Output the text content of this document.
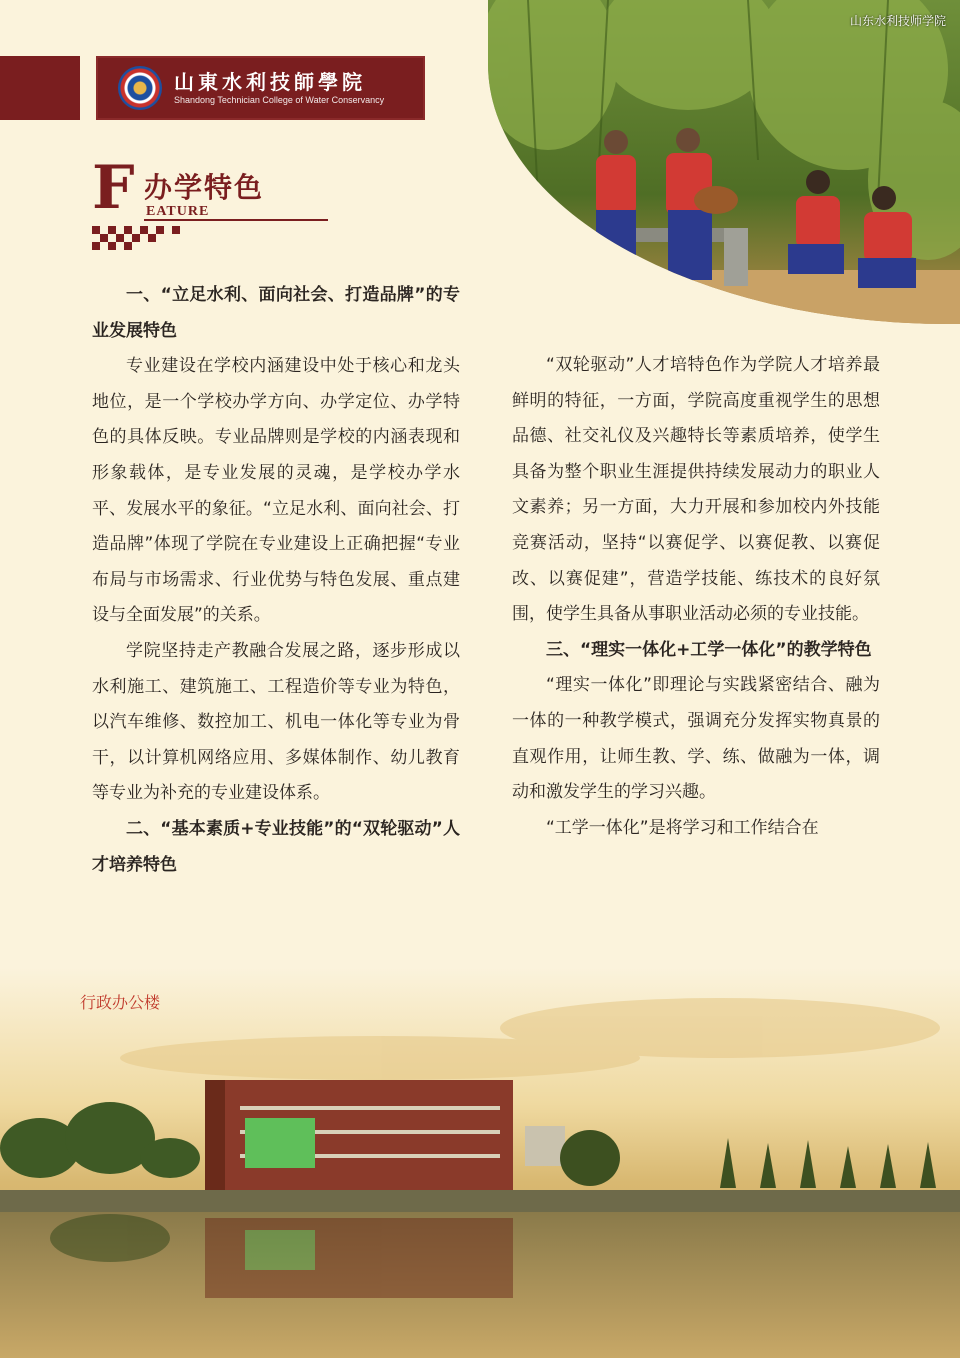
山東水利技師學院
Shandong Technician College of Water Conservancy
山东水利技师学院
F 办学特色
EATURE
一、“立足水利、面向社会、打造品牌”的专业发展特色

专业建设在学校内涵建设中处于核心和龙头地位，是一个学校办学方向、办学定位、办学特色的具体反映。专业品牌则是学校的内涵表现和形象载体，是专业发展的灵魂，是学校办学水平、发展水平的象征。“立足水利、面向社会、打造品牌”体现了学院在专业建设上正确把握“专业布局与市场需求、行业优势与特色发展、重点建设与全面发展”的关系。

学院坚持走产教融合发展之路，逐步形成以水利施工、建筑施工、工程造价等专业为特色，以汽车维修、数控加工、机电一体化等专业为骨干，以计算机网络应用、多媒体制作、幼儿教育等专业为补充的专业建设体系。

二、“基本素质+专业技能”的“双轮驱动”人才培养特色

“双轮驱动”人才培特色作为学院人才培养最鲜明的特征，一方面，学院高度重视学生的思想品德、社交礼仪及兴趣特长等素质培养，使学生具备为整个职业生涯提供持续发展动力的职业人文素养；另一方面，大力开展和参加校内外技能竞赛活动，坚持“以赛促学、以赛促教、以赛促改、以赛促建”，营造学技能、练技术的良好氛围，使学生具备从事职业活动必须的专业技能。

三、“理实一体化+工学一体化”的教学特色

“理实一体化”即理论与实践紧密结合、融为一体的一种教学模式，强调充分发挥实物真景的直观作用，让师生教、学、练、做融为一体，调动和激发学生的学习兴趣。

“工学一体化”是将学习和工作结合在

行政办公楼
